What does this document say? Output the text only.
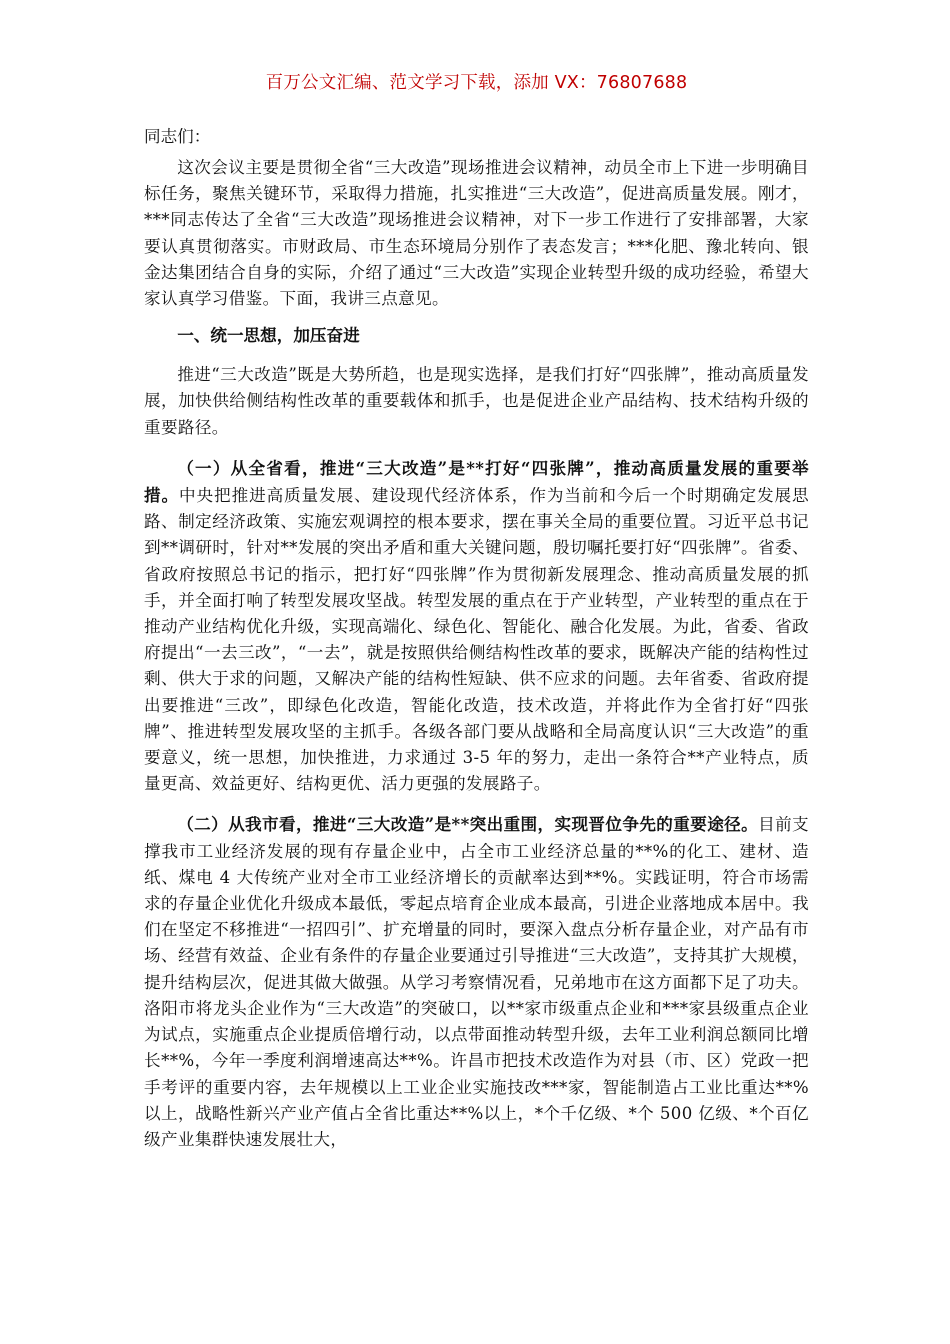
百万公文汇编、范文学习下载，添加 VX：76807688
同志们：

这次会议主要是贯彻全省“三大改造”现场推进会议精神，动员全市上下进一步明确目标任务，聚焦关键环节，采取得力措施，扎实推进“三大改造”，促进高质量发展。刚才，***同志传达了全省“三大改造”现场推进会议精神，对下一步工作进行了安排部署，大家要认真贯彻落实。市财政局、市生态环境局分别作了表态发言；***化肥、豫北转向、银金达集团结合自身的实际，介绍了通过“三大改造”实现企业转型升级的成功经验，希望大家认真学习借鉴。下面，我讲三点意见。

一、统一思想，加压奋进

推进“三大改造”既是大势所趋，也是现实选择，是我们打好“四张牌”，推动高质量发展，加快供给侧结构性改革的重要载体和抓手，也是促进企业产品结构、技术结构升级的重要路径。

（一）从全省看，推进“三大改造”是**打好“四张牌”，推动高质量发展的重要举措。中央把推进高质量发展、建设现代经济体系，作为当前和今后一个时期确定发展思路、制定经济政策、实施宏观调控的根本要求，摆在事关全局的重要位置。习近平总书记到**调研时，针对**发展的突出矛盾和重大关键问题，殷切嘱托要打好“四张牌”。省委、省政府按照总书记的指示，把打好“四张牌”作为贯彻新发展理念、推动高质量发展的抓手，并全面打响了转型发展攻坚战。转型发展的重点在于产业转型，产业转型的重点在于推动产业结构优化升级，实现高端化、绿色化、智能化、融合化发展。为此，省委、省政府提出“一去三改”，“一去”，就是按照供给侧结构性改革的要求，既解决产能的结构性过剩、供大于求的问题，又解决产能的结构性短缺、供不应求的问题。去年省委、省政府提出要推进“三改”，即绿色化改造，智能化改造，技术改造，并将此作为全省打好“四张牌”、推进转型发展攻坚的主抓手。各级各部门要从战略和全局高度认识“三大改造”的重要意义，统一思想，加快推进，力求通过 3-5 年的努力，走出一条符合**产业特点，质量更高、效益更好、结构更优、活力更强的发展路子。

（二）从我市看，推进“三大改造”是**突出重围，实现晋位争先的重要途径。目前支撑我市工业经济发展的现有存量企业中，占全市工业经济总量的**%的化工、建材、造纸、煤电 4 大传统产业对全市工业经济增长的贡献率达到**%。实践证明，符合市场需求的存量企业优化升级成本最低，零起点培育企业成本最高，引进企业落地成本居中。我们在坚定不移推进“一招四引”、扩充增量的同时，要深入盘点分析存量企业，对产品有市场、经营有效益、企业有条件的存量企业要通过引导推进“三大改造”，支持其扩大规模，提升结构层次，促进其做大做强。从学习考察情况看，兄弟地市在这方面都下足了功夫。洛阳市将龙头企业作为“三大改造”的突破口，以**家市级重点企业和***家县级重点企业为试点，实施重点企业提质倍增行动，以点带面推动转型升级，去年工业利润总额同比增长**%，今年一季度利润增速高达**%。许昌市把技术改造作为对县（市、区）党政一把手考评的重要内容，去年规模以上工业企业实施技改***家，智能制造占工业比重达**%以上，战略性新兴产业产值占全省比重达**%以上，*个千亿级、*个 500 亿级、*个百亿级产业集群快速发展壮大，
